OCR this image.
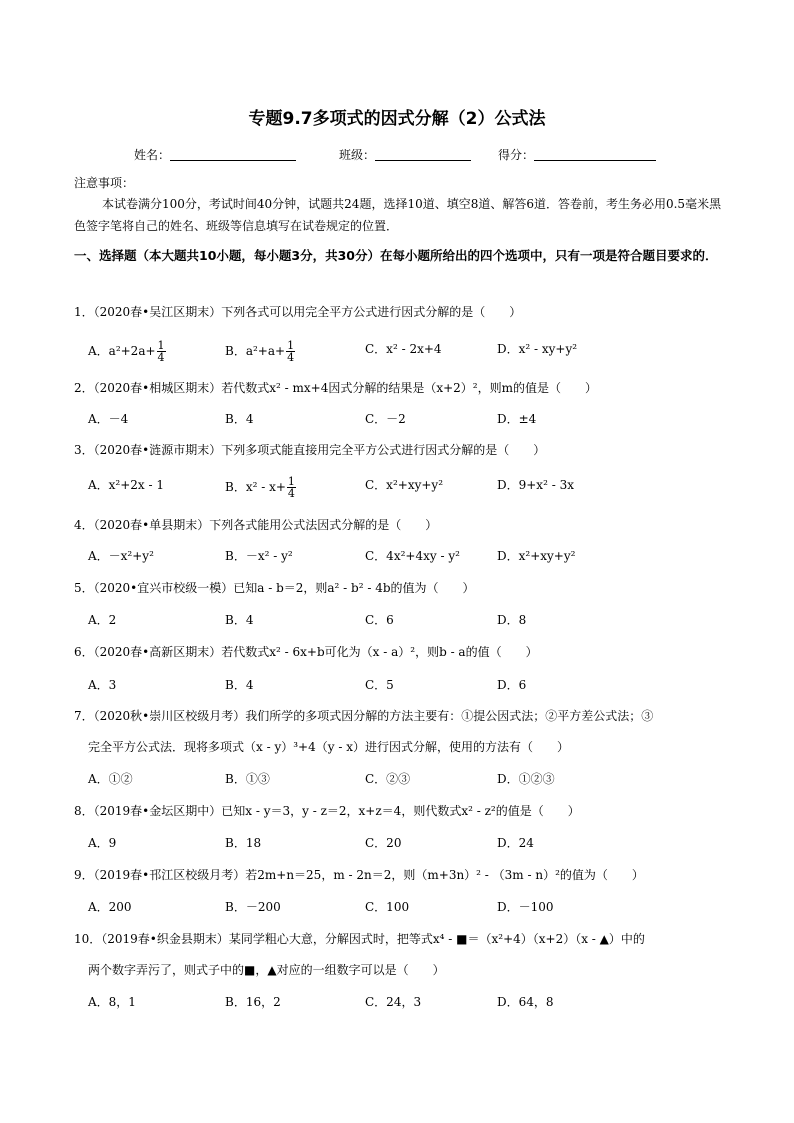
专题9.7多项式的因式分解（2）公式法
姓名：	班级：	得分：
注意事项：
本试卷满分100分，考试时间40分钟，试题共24题，选择10道、填空8道、解答6道．答卷前，考生务必用0.5毫米黑色签字笔将自己的姓名、班级等信息填写在试卷规定的位置．
一、选择题（本大题共10小题，每小题3分，共30分）在每小题所给出的四个选项中，只有一项是符合题目要求的．
1．（2020春•吴江区期末）下列各式可以用完全平方公式进行因式分解的是（　　）
A．$a^2+2a+ \frac{1}{4}$	B．$a^2+a+ \frac{1}{4}$	C．x² - 2x+4	D．x² - xy+y²
2．（2020春•相城区期末）若代数式x² - mx+4因式分解的结果是（x+2）²，则m的值是（　　）
A．－4	B．4	C．－2	D．±4
3．（2020春•涟源市期末）下列多项式能直接用完全平方公式进行因式分解的是（　　）
A．x²+2x - 1	B．$x^2 - x+ \frac{1}{4}$	C．x²+xy+y²	D．9+x² - 3x
4．（2020春•单县期末）下列各式能用公式法因式分解的是（　　）
A．－x²+y²	B．－x² - y²	C．4x²+4xy - y²	D．x²+xy+y²
5．（2020•宜兴市校级一模）已知a - b＝2，则a² - b² - 4b的值为（　　）
A．2	B．4	C．6	D．8
6．（2020春•高新区期末）若代数式x² - 6x+b可化为（x - a）²，则b - a的值（　　）
A．3	B．4	C．5	D．6
7．（2020秋•崇川区校级月考）我们所学的多项式因分解的方法主要有：①提公因式法；②平方差公式法；③
完全平方公式法．现将多项式（x - y）³+4（y - x）进行因式分解，使用的方法有（　　）
A．①②	B．①③	C．②③	D．①②③
8．（2019春•金坛区期中）已知x - y＝3，y - z＝2，x+z＝4，则代数式x² - z²的值是（　　）
A．9	B．18	C．20	D．24
9．（2019春•邗江区校级月考）若2m+n＝25，m - 2n＝2，则（m+3n）² - （3m - n）²的值为（　　）
A．200	B．－200	C．100	D．－100
10．（2019春•织金县期末）某同学粗心大意，分解因式时，把等式x⁴ - ■＝（x²+4）（x+2）（x - ▲）中的
两个数字弄污了，则式子中的■，▲对应的一组数字可以是（　　）
A．8，1	B．16，2	C．24，3	D．64，8
